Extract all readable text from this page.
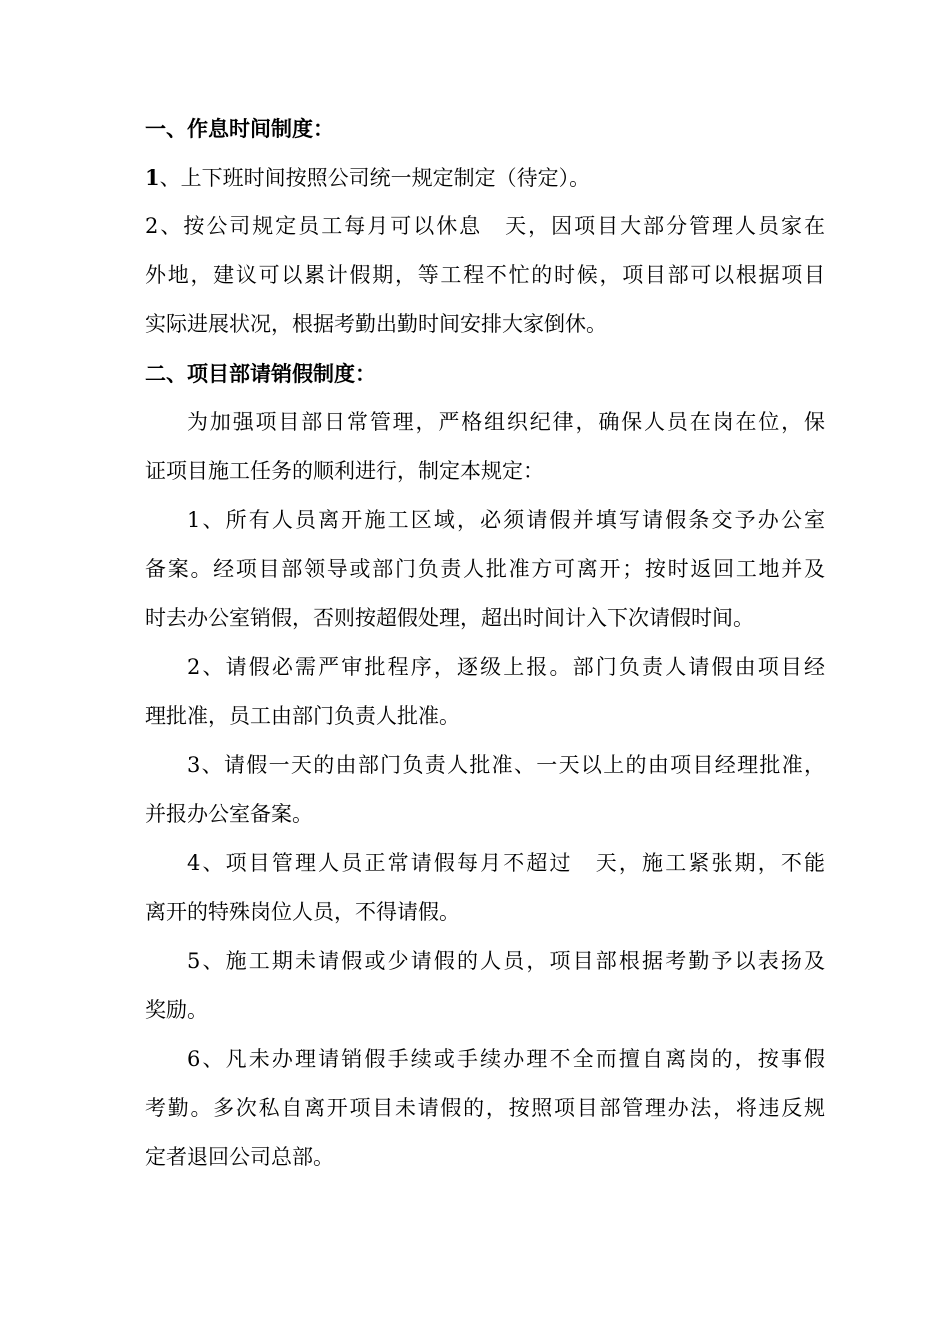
一、作息时间制度：
1、上下班时间按照公司统一规定制定（待定）。
2、按公司规定员工每月可以休息 天，因项目大部分管理人员家在
外地，建议可以累计假期，等工程不忙的时候，项目部可以根据项目
实际进展状况，根据考勤出勤时间安排大家倒休。
二、项目部请销假制度：
为加强项目部日常管理，严格组织纪律，确保人员在岗在位，保
证项目施工任务的顺利进行，制定本规定：
1、所有人员离开施工区域，必须请假并填写请假条交予办公室
备案。经项目部领导或部门负责人批准方可离开；按时返回工地并及
时去办公室销假，否则按超假处理，超出时间计入下次请假时间。
2、请假必需严审批程序，逐级上报。部门负责人请假由项目经
理批准，员工由部门负责人批准。
3、请假一天的由部门负责人批准、一天以上的由项目经理批准，
并报办公室备案。
4、项目管理人员正常请假每月不超过 天，施工紧张期，不能
离开的特殊岗位人员，不得请假。
5、施工期未请假或少请假的人员，项目部根据考勤予以表扬及
奖励。
6、凡未办理请销假手续或手续办理不全而擅自离岗的，按事假
考勤。多次私自离开项目未请假的，按照项目部管理办法，将违反规
定者退回公司总部。
